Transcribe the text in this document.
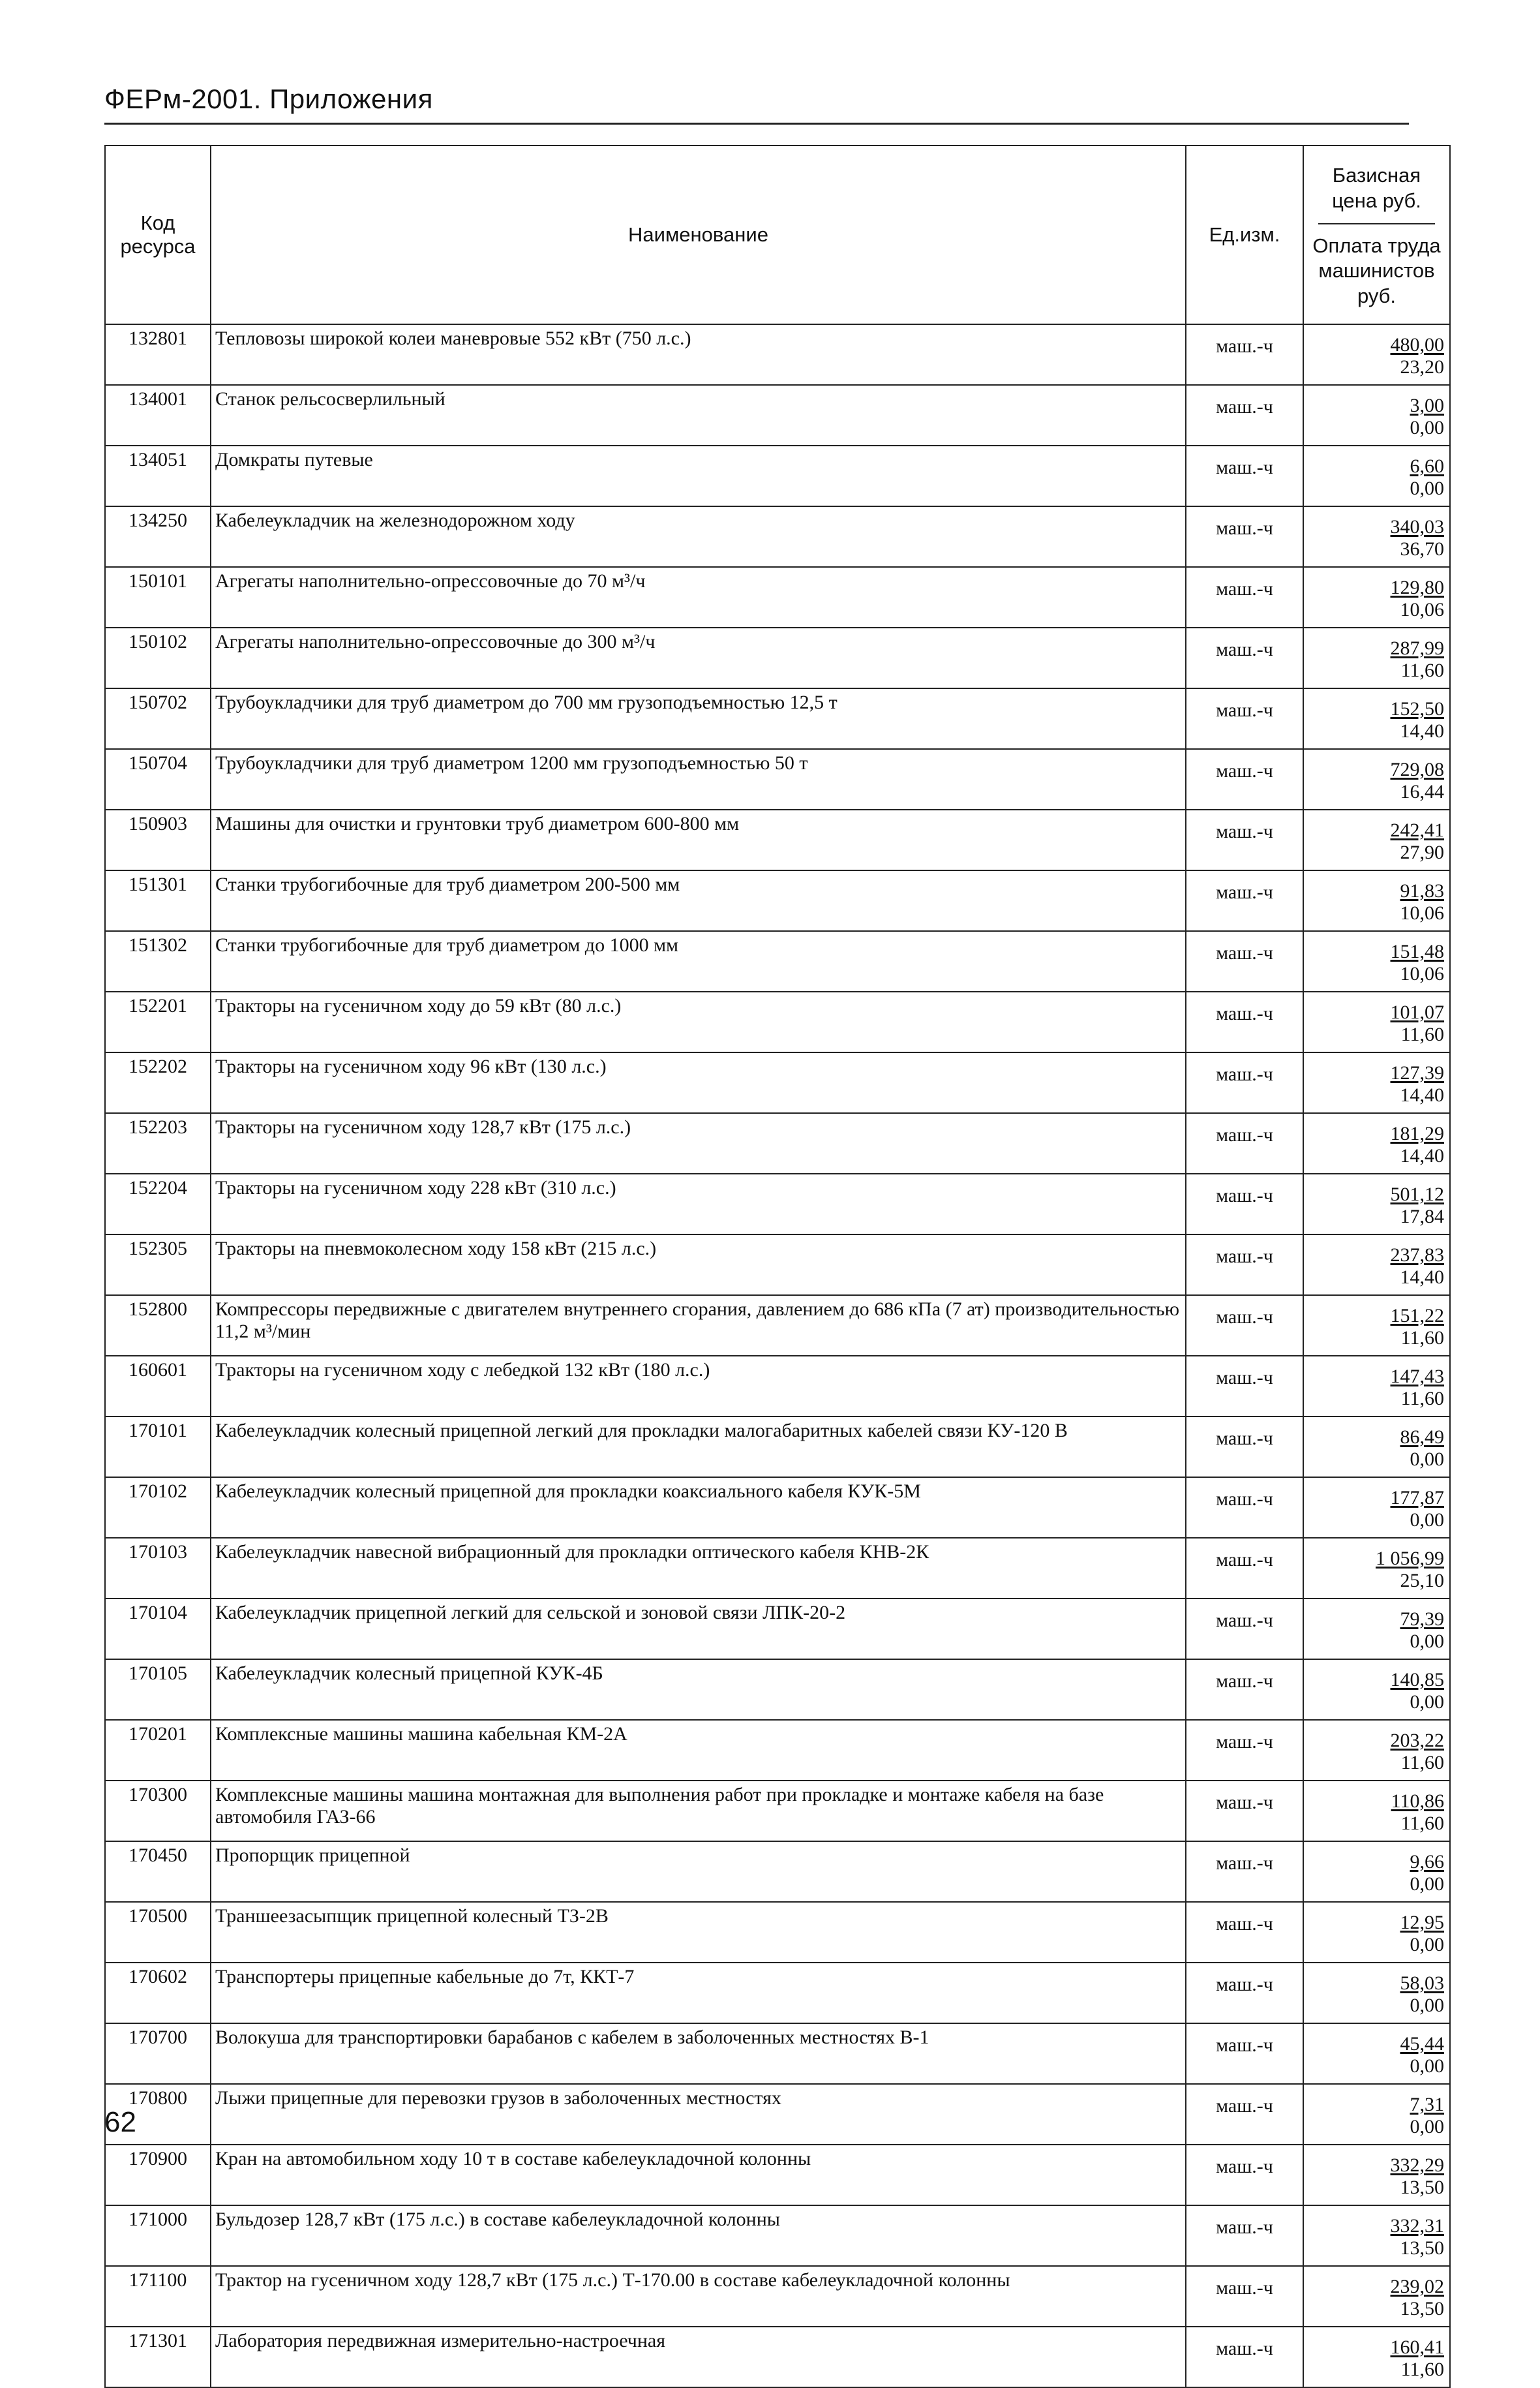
ФЕРм-2001. Приложения
Код ресурса	Наименование	Ед.изм.	Базисная цена руб.
Оплата труда машинистов руб.

132801	Тепловозы широкой колеи маневровые 552 кВт (750 л.с.)	маш.-ч	480,00
23,20

134001	Станок рельсосверлильный	маш.-ч	3,00
0,00

134051	Домкраты путевые	маш.-ч	6,60
0,00

134250	Кабелеукладчик на железнодорожном ходу	маш.-ч	340,03
36,70

150101	Агрегаты наполнительно-опрессовочные до 70 м³/ч	маш.-ч	129,80
10,06

150102	Агрегаты наполнительно-опрессовочные до 300 м³/ч	маш.-ч	287,99
11,60

150702	Трубоукладчики для труб диаметром до 700 мм грузоподъемностью 12,5 т	маш.-ч	152,50
14,40

150704	Трубоукладчики для труб диаметром 1200 мм грузоподъемностью 50 т	маш.-ч	729,08
16,44

150903	Машины для очистки и грунтовки труб диаметром 600-800 мм	маш.-ч	242,41
27,90

151301	Станки трубогибочные для труб диаметром 200-500 мм	маш.-ч	91,83
10,06

151302	Станки трубогибочные для труб диаметром до 1000 мм	маш.-ч	151,48
10,06

152201	Тракторы на гусеничном ходу до 59 кВт (80 л.с.)	маш.-ч	101,07
11,60

152202	Тракторы на гусеничном ходу 96 кВт (130 л.с.)	маш.-ч	127,39
14,40

152203	Тракторы на гусеничном ходу 128,7 кВт (175 л.с.)	маш.-ч	181,29
14,40

152204	Тракторы на гусеничном ходу 228 кВт (310 л.с.)	маш.-ч	501,12
17,84

152305	Тракторы на пневмоколесном ходу 158 кВт (215 л.с.)	маш.-ч	237,83
14,40

152800	Компрессоры передвижные с двигателем внутреннего сгорания, давлением до 686 кПа (7 ат) производительностью 11,2 м³/мин	маш.-ч	151,22
11,60

160601	Тракторы на гусеничном ходу с лебедкой 132 кВт (180 л.с.)	маш.-ч	147,43
11,60

170101	Кабелеукладчик колесный прицепной легкий для прокладки малогабаритных кабелей связи КУ-120 В	маш.-ч	86,49
0,00

170102	Кабелеукладчик колесный прицепной для прокладки коаксиального кабеля КУК-5М	маш.-ч	177,87
0,00

170103	Кабелеукладчик навесной вибрационный для прокладки оптического кабеля КНВ-2К	маш.-ч	1 056,99
25,10

170104	Кабелеукладчик прицепной легкий для сельской и зоновой связи ЛПК-20-2	маш.-ч	79,39
0,00

170105	Кабелеукладчик колесный прицепной КУК-4Б	маш.-ч	140,85
0,00

170201	Комплексные машины машина кабельная КМ-2А	маш.-ч	203,22
11,60

170300	Комплексные машины машина монтажная для выполнения работ при прокладке и монтаже кабеля на базе автомобиля ГАЗ-66	маш.-ч	110,86
11,60

170450	Пропорщик прицепной	маш.-ч	9,66
0,00

170500	Траншеезасыпщик прицепной колесный ТЗ-2В	маш.-ч	12,95
0,00

170602	Транспортеры прицепные кабельные до 7т, ККТ-7	маш.-ч	58,03
0,00

170700	Волокуша для транспортировки барабанов с кабелем в заболоченных местностях В-1	маш.-ч	45,44
0,00

170800	Лыжи прицепные для перевозки грузов в заболоченных местностях	маш.-ч	7,31
0,00

170900	Кран на автомобильном ходу 10 т в составе кабелеукладочной колонны	маш.-ч	332,29
13,50

171000	Бульдозер 128,7 кВт (175 л.с.) в составе кабелеукладочной колонны	маш.-ч	332,31
13,50

171100	Трактор на гусеничном ходу 128,7 кВт (175 л.с.) Т-170.00 в составе кабелеукладочной колонны	маш.-ч	239,02
13,50

171301	Лаборатория передвижная измерительно-настроечная	маш.-ч	160,41
11,60
62
